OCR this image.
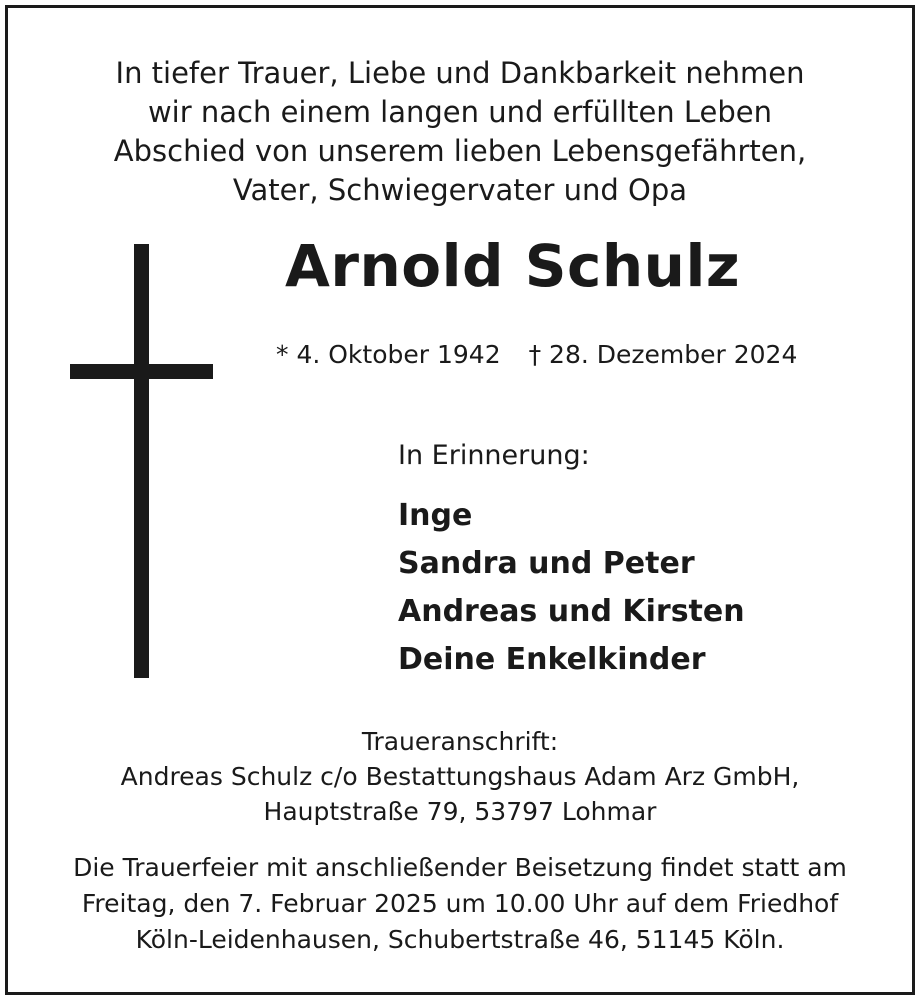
In tiefer Trauer, Liebe und Dankbarkeit nehmen
wir nach einem langen und erfüllten Leben
Abschied von unserem lieben Lebensgefährten,
Vater, Schwiegervater und Opa
Arnold Schulz
* 4. Oktober 1942 † 28. Dezember 2024
In Erinnerung:
Inge
Sandra und Peter
Andreas und Kirsten
Deine Enkelkinder
Traueranschrift:
Andreas Schulz c/o Bestattungshaus Adam Arz GmbH,
Hauptstraße 79, 53797 Lohmar
Die Trauerfeier mit anschließender Beisetzung findet statt am
Freitag, den 7. Februar 2025 um 10.00 Uhr auf dem Friedhof
Köln-Leidenhausen, Schubertstraße 46, 51145 Köln.
